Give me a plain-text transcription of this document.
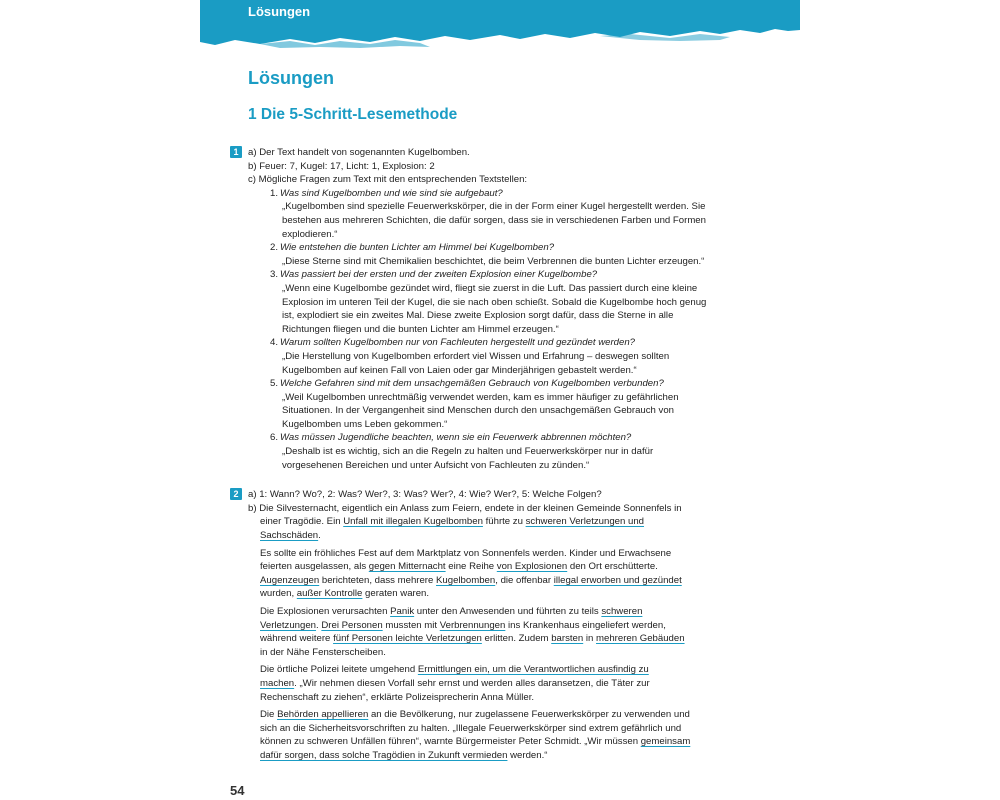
Lösungen
Lösungen
1 Die 5-Schritt-Lesemethode
1 a) Der Text handelt von sogenannten Kugelbomben.
b) Feuer: 7, Kugel: 17, Licht: 1, Explosion: 2
c) Mögliche Fragen zum Text mit den entsprechenden Textstellen:
1. Was sind Kugelbomben und wie sind sie aufgebaut?
„Kugelbomben sind spezielle Feuerwerkskörper, die in der Form einer Kugel hergestellt werden. Sie
bestehen aus mehreren Schichten, die dafür sorgen, dass sie in verschiedenen Farben und Formen
explodieren.“
2. Wie entstehen die bunten Lichter am Himmel bei Kugelbomben?
„Diese Sterne sind mit Chemikalien beschichtet, die beim Verbrennen die bunten Lichter erzeugen.“
3. Was passiert bei der ersten und der zweiten Explosion einer Kugelbombe?
„Wenn eine Kugelbombe gezündet wird, fliegt sie zuerst in die Luft. Das passiert durch eine kleine
Explosion im unteren Teil der Kugel, die sie nach oben schießt. Sobald die Kugelbombe hoch genug
ist, explodiert sie ein zweites Mal. Diese zweite Explosion sorgt dafür, dass die Sterne in alle
Richtungen fliegen und die bunten Lichter am Himmel erzeugen.“
4. Warum sollten Kugelbomben nur von Fachleuten hergestellt und gezündet werden?
„Die Herstellung von Kugelbomben erfordert viel Wissen und Erfahrung – deswegen sollten
Kugelbomben auf keinen Fall von Laien oder gar Minderjährigen gebastelt werden.“
5. Welche Gefahren sind mit dem unsachgemäßen Gebrauch von Kugelbomben verbunden?
„Weil Kugelbomben unrechtmäßig verwendet werden, kam es immer häufiger zu gefährlichen
Situationen. In der Vergangenheit sind Menschen durch den unsachgemäßen Gebrauch von
Kugelbomben ums Leben gekommen.“
6. Was müssen Jugendliche beachten, wenn sie ein Feuerwerk abbrennen möchten?
„Deshalb ist es wichtig, sich an die Regeln zu halten und Feuerwerkskörper nur in dafür
vorgesehenen Bereichen und unter Aufsicht von Fachleuten zu zünden.“
2 a) 1: Wann? Wo?, 2: Was? Wer?, 3: Was? Wer?, 4: Wie? Wer?, 5: Welche Folgen?
b) Die Silvesternacht, eigentlich ein Anlass zum Feiern, endete in der kleinen Gemeinde Sonnenfels in
einer Tragödie. Ein Unfall mit illegalen Kugelbomben führte zu schweren Verletzungen und
Sachschäden.
Es sollte ein fröhliches Fest auf dem Marktplatz von Sonnenfels werden. Kinder und Erwachsene
feierten ausgelassen, als gegen Mitternacht eine Reihe von Explosionen den Ort erschütterte.
Augenzeugen berichteten, dass mehrere Kugelbomben, die offenbar illegal erworben und gezündet
wurden, außer Kontrolle geraten waren.
Die Explosionen verursachten Panik unter den Anwesenden und führten zu teils schweren
Verletzungen. Drei Personen mussten mit Verbrennungen ins Krankenhaus eingeliefert werden,
während weitere fünf Personen leichte Verletzungen erlitten. Zudem barsten in mehreren Gebäuden
in der Nähe Fensterscheiben.
Die örtliche Polizei leitete umgehend Ermittlungen ein, um die Verantwortlichen ausfindig zu
machen. „Wir nehmen diesen Vorfall sehr ernst und werden alles daransetzen, die Täter zur
Rechenschaft zu ziehen“, erklärte Polizeisprecherin Anna Müller.
Die Behörden appellieren an die Bevölkerung, nur zugelassene Feuerwerkskörper zu verwenden und
sich an die Sicherheitsvorschriften zu halten. „Illegale Feuerwerkskörper sind extrem gefährlich und
können zu schweren Unfällen führen“, warnte Bürgermeister Peter Schmidt. „Wir müssen gemeinsam
dafür sorgen, dass solche Tragödien in Zukunft vermieden werden.“
54
